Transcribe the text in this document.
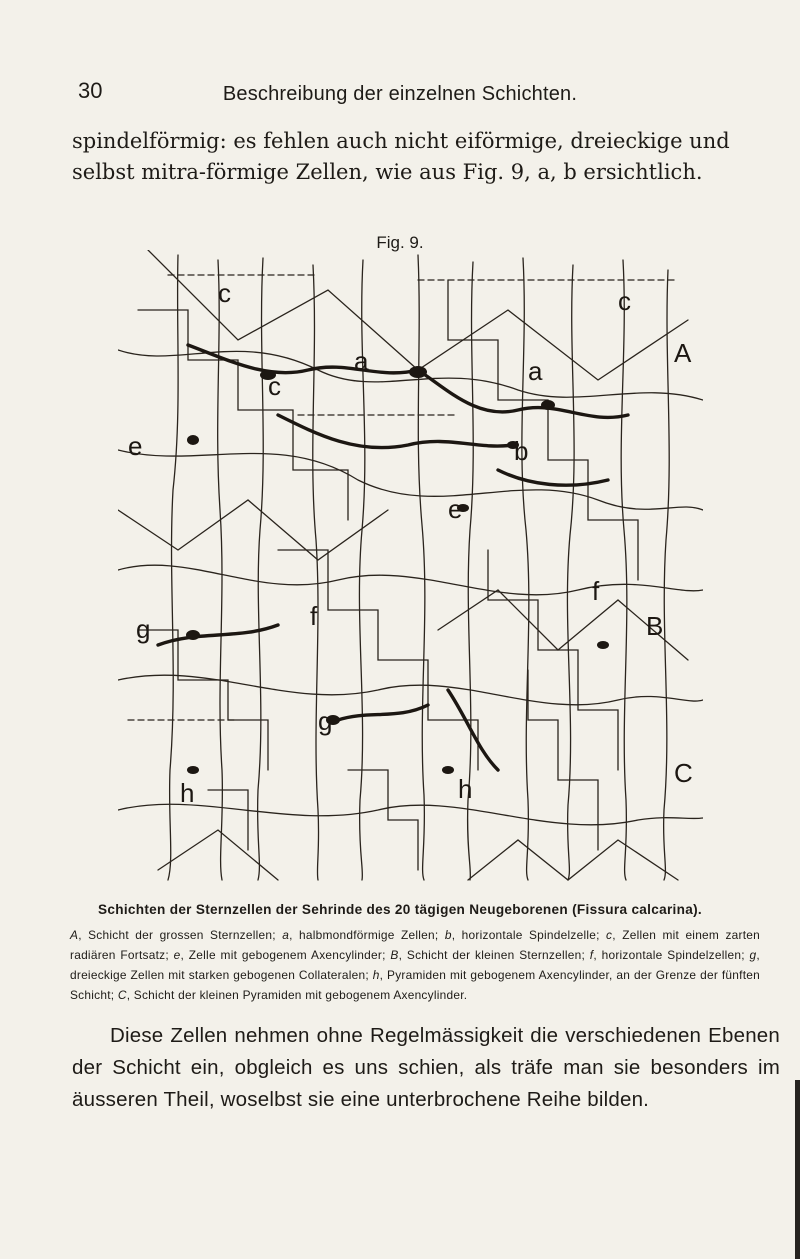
30	Beschreibung der einzelnen Schichten.
spindelförmig: es fehlen auch nicht eiförmige, dreieckige und selbst mitra-förmige Zellen, wie aus Fig. 9, a, b ersichtlich.
Fig. 9.
c
c
c
a	a
A
e
e
b
g
g
f
f
B
h	h
C
Schichten der Sternzellen der Sehrinde des 20 tägigen Neugeborenen (Fissura calcarina).
A, Schicht der grossen Sternzellen; a, halbmondförmige Zellen; b, horizontale Spindelzelle; c, Zellen mit einem zarten radiären Fortsatz; e, Zelle mit gebogenem Axencylinder; B, Schicht der kleinen Sternzellen; f, horizontale Spindelzellen; g, dreieckige Zellen mit starken gebogenen Collateralen; h, Pyramiden mit gebogenem Axencylinder, an der Grenze der fünften Schicht; C, Schicht der kleinen Pyramiden mit gebogenem Axencylinder.
Diese Zellen nehmen ohne Regelmässigkeit die verschiedenen Ebenen der Schicht ein, obgleich es uns schien, als träfe man sie besonders im äusseren Theil, woselbst sie eine unterbrochene Reihe bilden.
